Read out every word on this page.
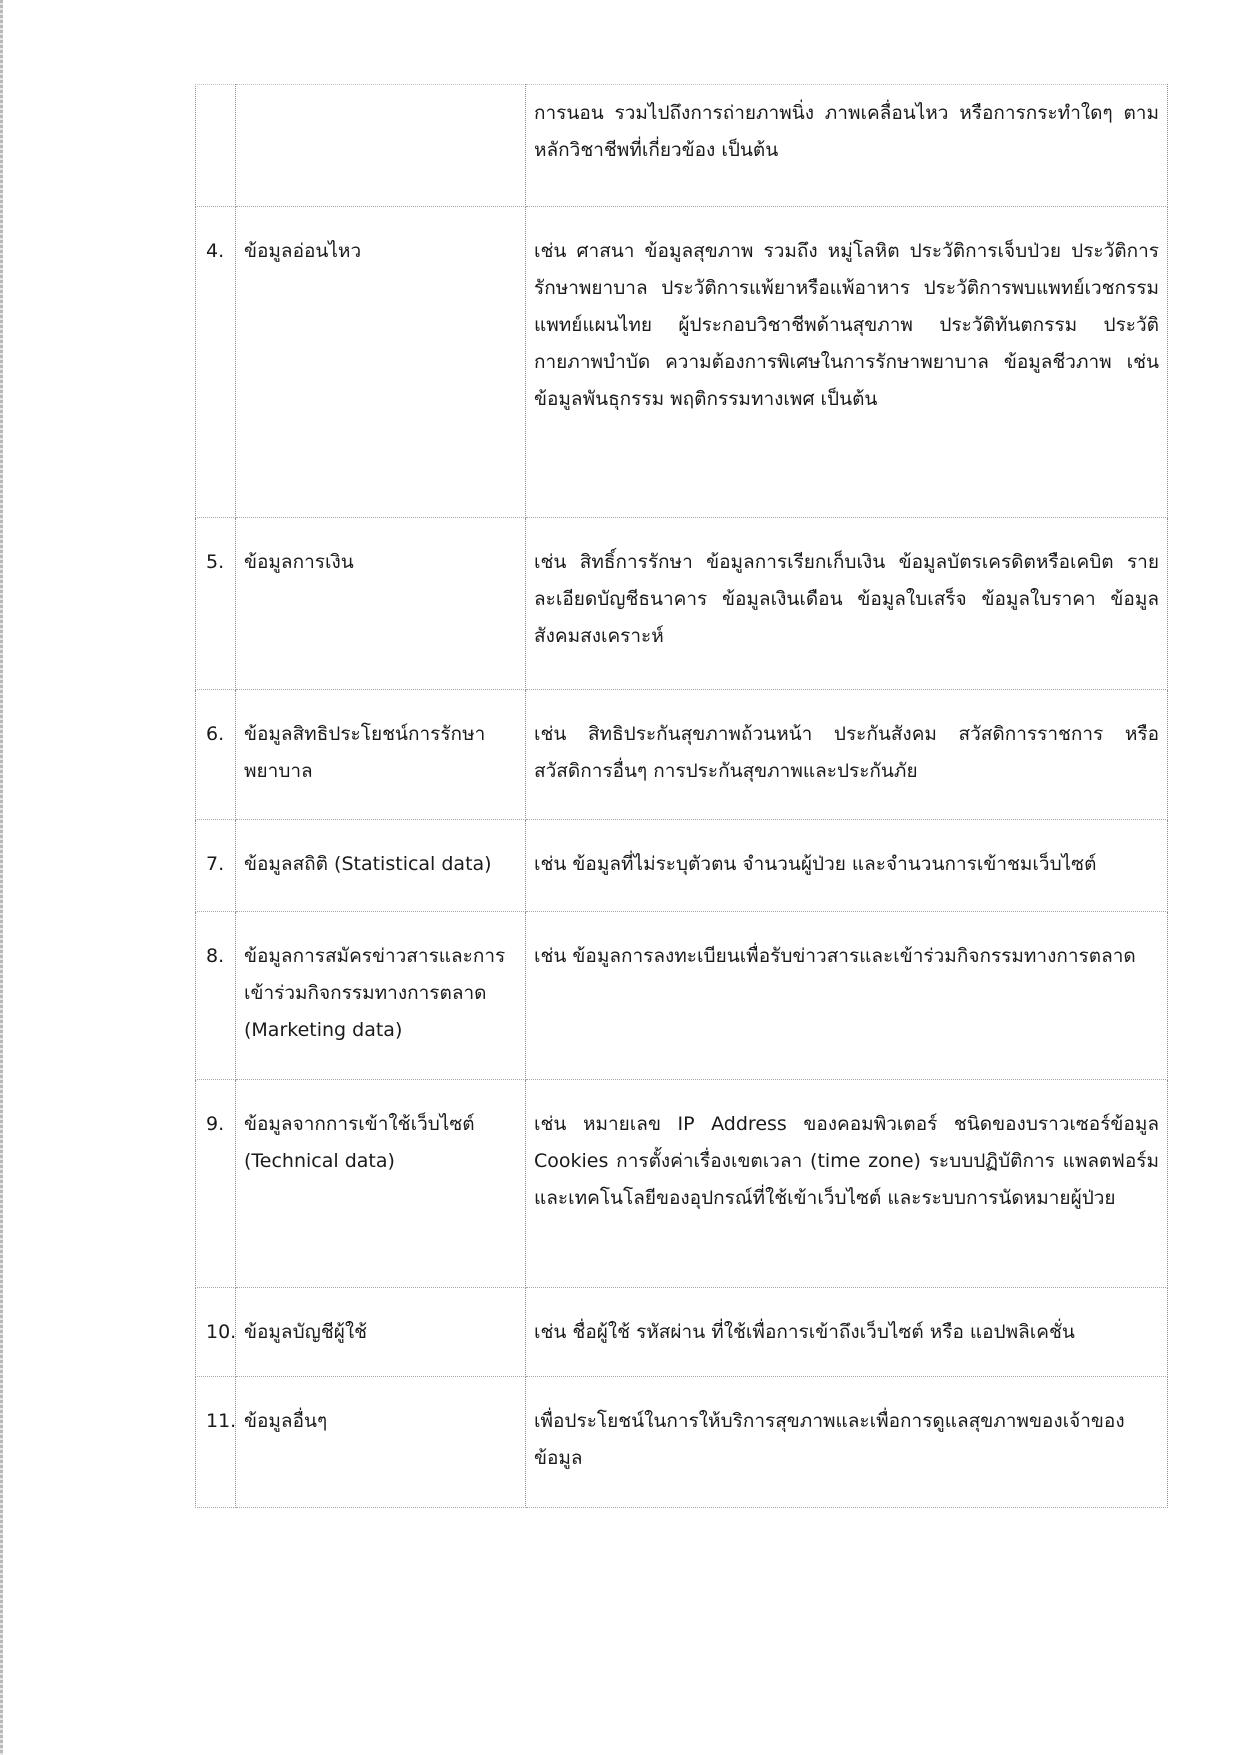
		การนอน รวมไปถึงการถ่ายภาพนิ่ง ภาพเคลื่อนไหว หรือการกระทำใดๆ ตามหลักวิชาชีพที่เกี่ยวข้อง เป็นต้น

4.	ข้อมูลอ่อนไหว	เช่น ศาสนา ข้อมูลสุขภาพ รวมถึง หมู่โลหิต ประวัติการเจ็บป่วย ประวัติการรักษาพยาบาล ประวัติการแพ้ยาหรือแพ้อาหาร ประวัติการพบแพทย์เวชกรรม แพทย์แผนไทย ผู้ประกอบวิชาชีพด้านสุขภาพ ประวัติทันตกรรม ประวัติกายภาพบำบัด ความต้องการพิเศษในการรักษาพยาบาล ข้อมูลชีวภาพ เช่น ข้อมูลพันธุกรรม พฤติกรรมทางเพศ เป็นต้น

5.	ข้อมูลการเงิน	เช่น สิทธิ์การรักษา ข้อมูลการเรียกเก็บเงิน ข้อมูลบัตรเครดิตหรือเคบิต รายละเอียดบัญชีธนาคาร ข้อมูลเงินเดือน ข้อมูลใบเสร็จ ข้อมูลใบราคา ข้อมูลสังคมสงเคราะห์

6.	ข้อมูลสิทธิประโยชน์การรักษาพยาบาล	เช่น สิทธิประกันสุขภาพถ้วนหน้า ประกันสังคม สวัสดิการราชการ หรือสวัสดิการอื่นๆ การประกันสุขภาพและประกันภัย

7.	ข้อมูลสถิติ (Statistical data)	เช่น ข้อมูลที่ไม่ระบุตัวตน จำนวนผู้ป่วย และจำนวนการเข้าชมเว็บไซต์

8.	ข้อมูลการสมัครข่าวสารและการเข้าร่วมกิจกรรมทางการตลาด (Marketing data)	เช่น ข้อมูลการลงทะเบียนเพื่อรับข่าวสารและเข้าร่วมกิจกรรมทางการตลาด

9.	ข้อมูลจากการเข้าใช้เว็บไซต์ (Technical data)	เช่น หมายเลข IP Address ของคอมพิวเตอร์ ชนิดของบราวเซอร์ข้อมูล Cookies การตั้งค่าเรื่องเขตเวลา (time zone) ระบบปฏิบัติการ แพลตฟอร์มและเทคโนโลยีของอุปกรณ์ที่ใช้เข้าเว็บไซต์ และระบบการนัดหมายผู้ป่วย

10.	ข้อมูลบัญชีผู้ใช้	เช่น ชื่อผู้ใช้ รหัสผ่าน ที่ใช้เพื่อการเข้าถึงเว็บไซต์ หรือ แอปพลิเคชั่น

11.	ข้อมูลอื่นๆ	เพื่อประโยชน์ในการให้บริการสุขภาพและเพื่อการดูแลสุขภาพของเจ้าของข้อมูล
